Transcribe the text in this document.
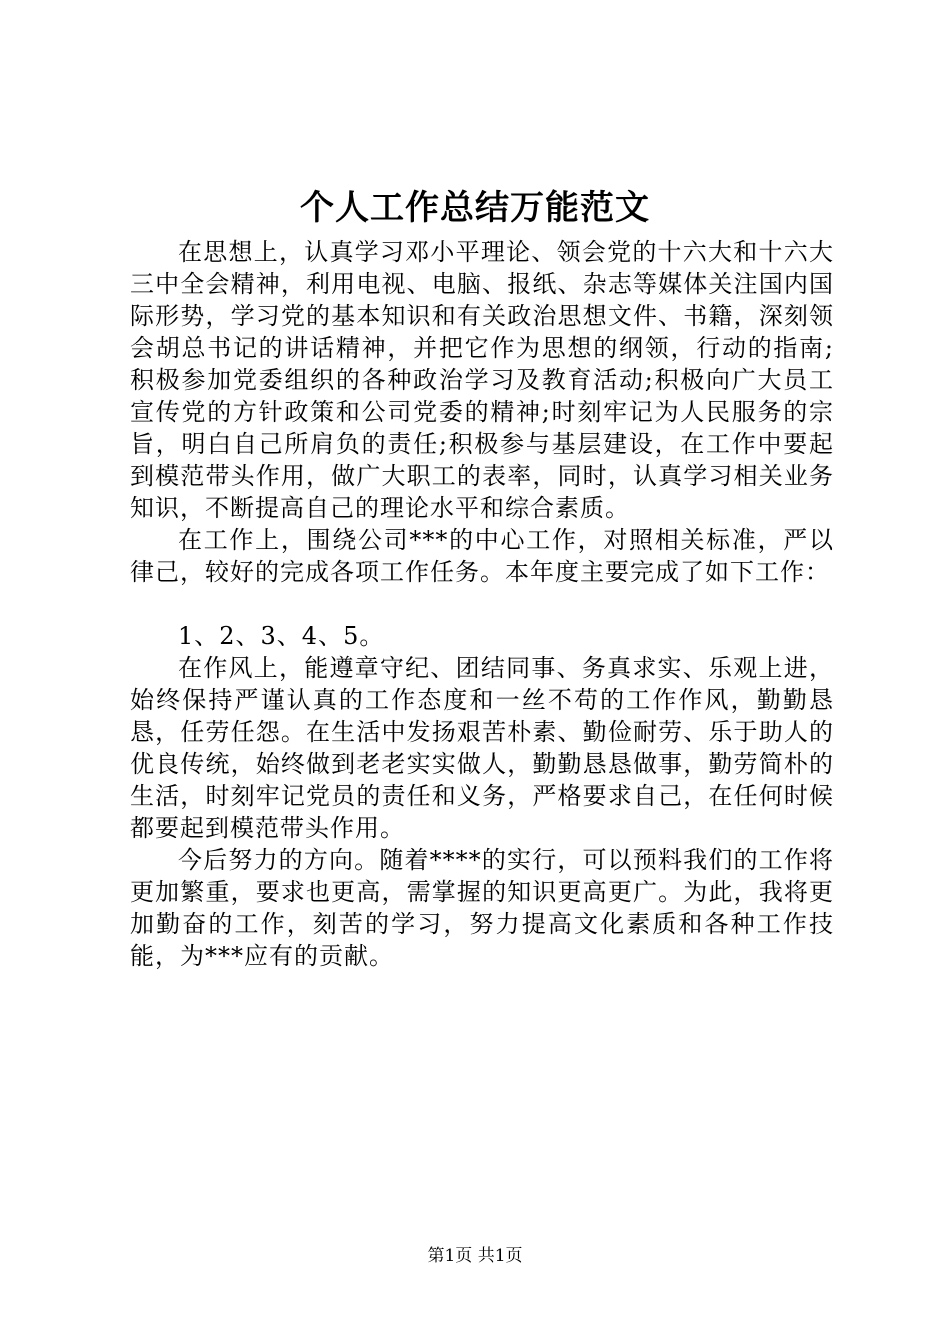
个人工作总结万能范文

在思想上，认真学习邓小平理论、领会党的十六大和十六大三中全会精神，利用电视、电脑、报纸、杂志等媒体关注国内国际形势，学习党的基本知识和有关政治思想文件、书籍，深刻领会胡总书记的讲话精神，并把它作为思想的纲领，行动的指南;积极参加党委组织的各种政治学习及教育活动;积极向广大员工宣传党的方针政策和公司党委的精神;时刻牢记为人民服务的宗旨，明白自己所肩负的责任;积极参与基层建设，在工作中要起到模范带头作用，做广大职工的表率，同时，认真学习相关业务知识，不断提高自己的理论水平和综合素质。

在工作上，围绕公司***的中心工作，对照相关标准，严以律己，较好的完成各项工作任务。本年度主要完成了如下工作：

1、2、3、4、5。

在作风上，能遵章守纪、团结同事、务真求实、乐观上进，始终保持严谨认真的工作态度和一丝不苟的工作作风，勤勤恳恳，任劳任怨。在生活中发扬艰苦朴素、勤俭耐劳、乐于助人的优良传统，始终做到老老实实做人，勤勤恳恳做事，勤劳简朴的生活，时刻牢记党员的责任和义务，严格要求自己，在任何时候都要起到模范带头作用。

今后努力的方向。随着****的实行，可以预料我们的工作将更加繁重，要求也更高，需掌握的知识更高更广。为此，我将更加勤奋的工作，刻苦的学习，努力提高文化素质和各种工作技能，为***应有的贡献。

第1页 共1页
